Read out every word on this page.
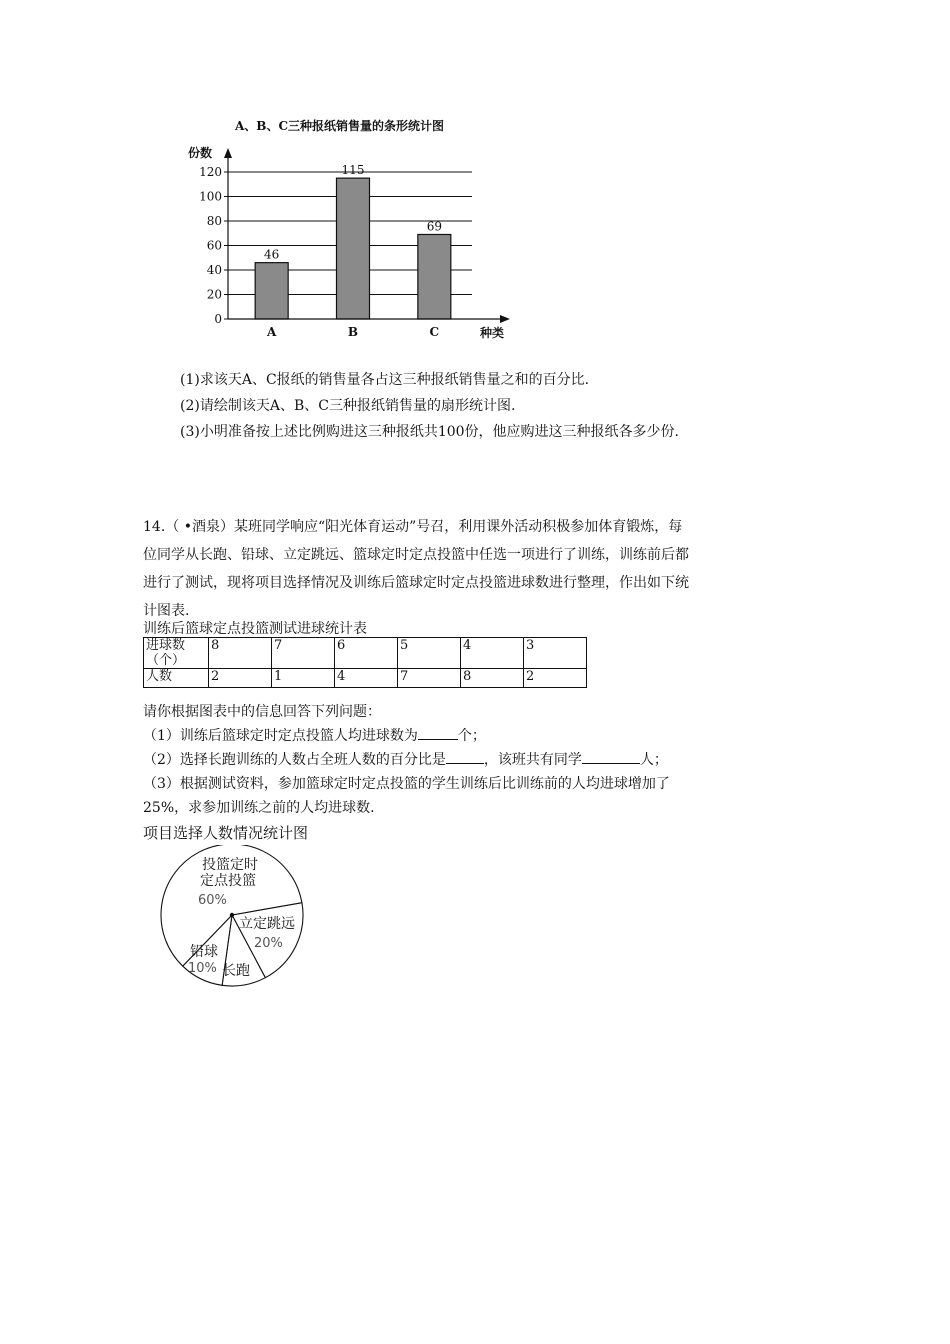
A、B、C三种报纸销售量的条形统计图
份数
种类
0
20
40
60
80
100
120
46
A
115
B
69
C
(1)求该天A、C报纸的销售量各占这三种报纸销售量之和的百分比.
(2)请绘制该天A、B、C三种报纸销售量的扇形统计图.
(3)小明准备按上述比例购进这三种报纸共100份，他应购进这三种报纸各多少份.
14.（ •酒泉）某班同学响应“阳光体育运动”号召，利用课外活动积极参加体育锻炼，每
位同学从长跑、铅球、立定跳远、篮球定时定点投篮中任选一项进行了训练，训练前后都
进行了测试，现将项目选择情况及训练后篮球定时定点投篮进球数进行整理，作出如下统
计图表.
训练后篮球定点投篮测试进球统计表
进球数（个）	8	7	6	5	4	3
人数	2	1	4	7	8	2
请你根据图表中的信息回答下列问题：
（1）训练后篮球定时定点投篮人均进球数为	个；
（2）选择长跑训练的人数占全班人数的百分比是	，该班共有同学	人；
（3）根据测试资料，参加篮球定时定点投篮的学生训练后比训练前的人均进球增加了
25%，求参加训练之前的人均进球数.
项目选择人数情况统计图
投篮定时
定点投篮
60%
立定跳远
20%
长跑
铅球
10%
